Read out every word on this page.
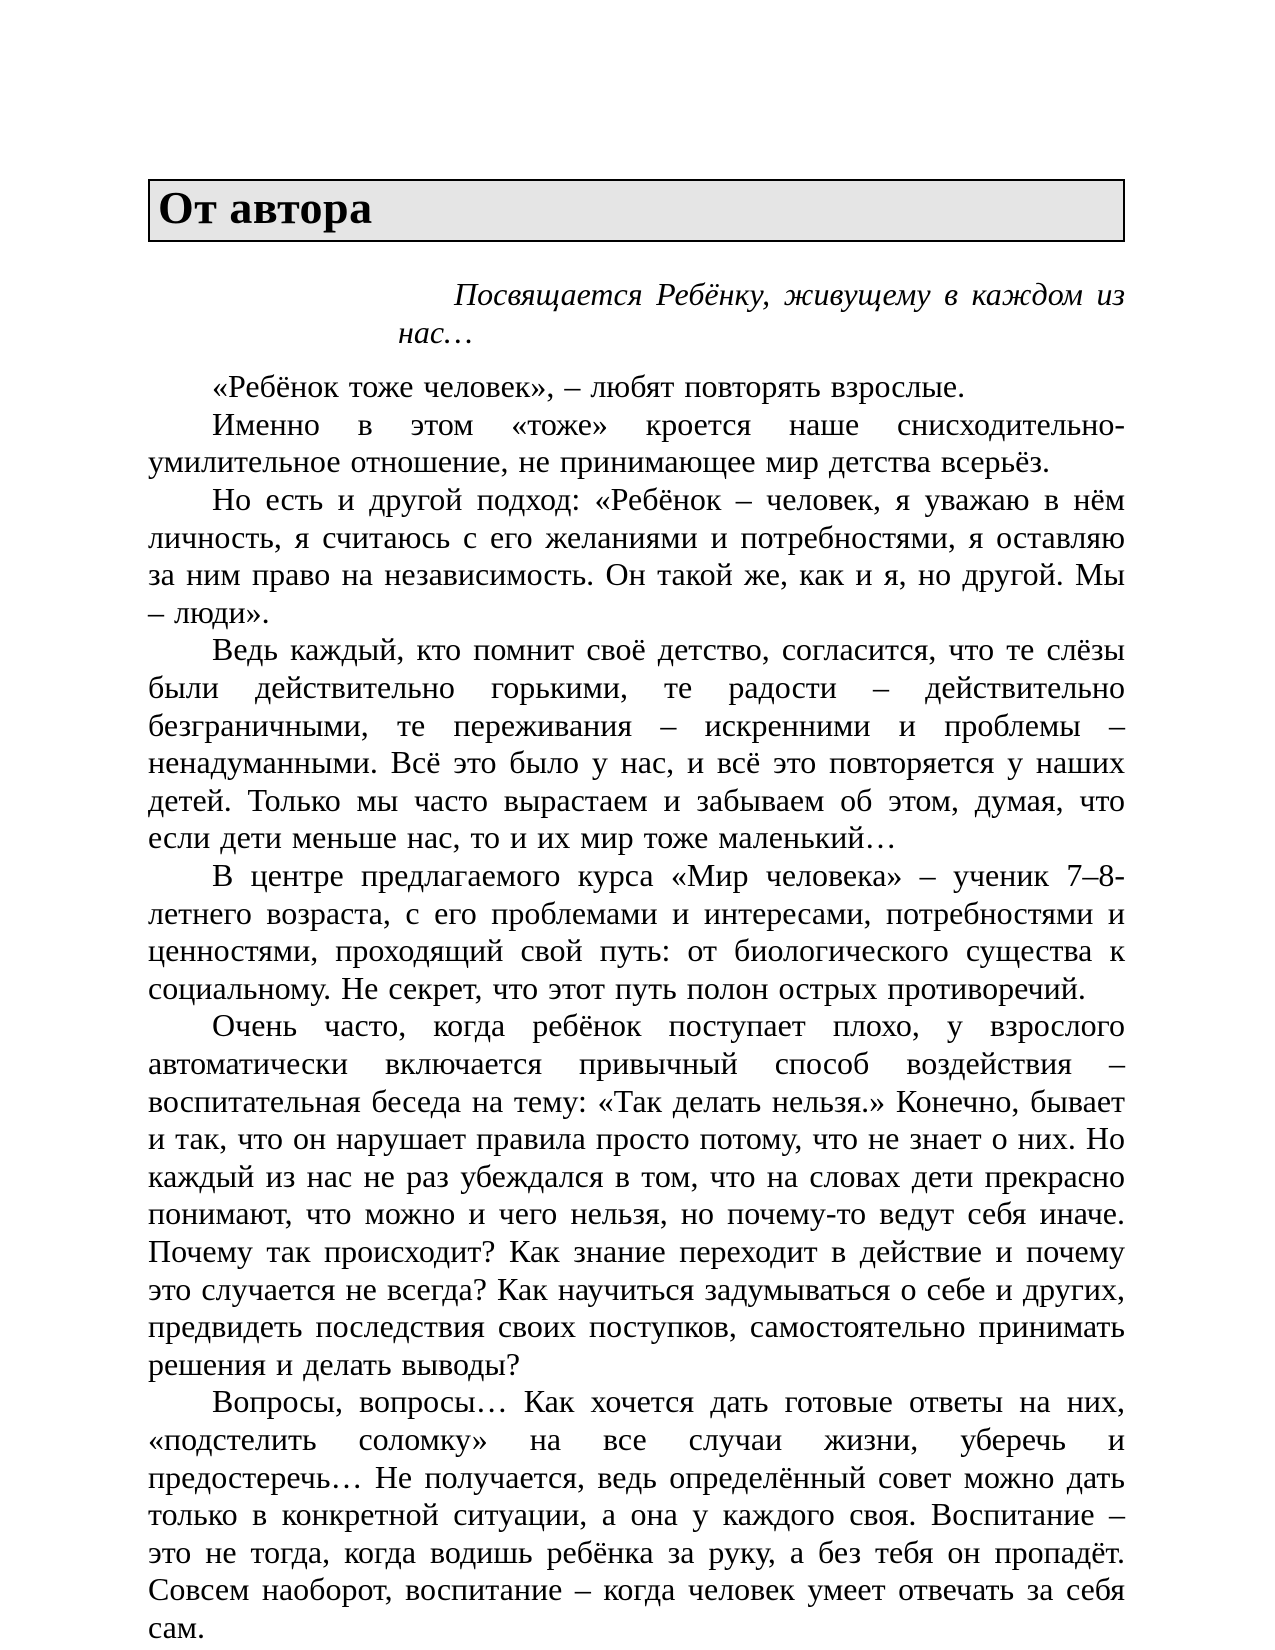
От автора
Посвящается Ребёнку, живущему в каждом из нас…

«Ребёнок тоже человек», – любят повторять взрослые.

Именно в этом «тоже» кроется наше снисходительно-умилительное отношение, не принимающее мир детства всерьёз.

Но есть и другой подход: «Ребёнок – человек, я уважаю в нём личность, я считаюсь с его желаниями и потребностями, я оставляю за ним право на независимость. Он такой же, как и я, но другой. Мы – люди».

Ведь каждый, кто помнит своё детство, согласится, что те слёзы были действительно горькими, те радости – действительно безграничными, те переживания – искренними и проблемы – ненадуманными. Всё это было у нас, и всё это повторяется у наших детей. Только мы часто вырастаем и забываем об этом, думая, что если дети меньше нас, то и их мир тоже маленький…

В центре предлагаемого курса «Мир человека» – ученик 7–8-летнего возраста, с его проблемами и интересами, потребностями и ценностями, проходящий свой путь: от биологического существа к социальному. Не секрет, что этот путь полон острых противоречий.

Очень часто, когда ребёнок поступает плохо, у взрослого автоматически включается привычный способ воздействия – воспитательная беседа на тему: «Так делать нельзя.» Конечно, бывает и так, что он нарушает правила просто потому, что не знает о них. Но каждый из нас не раз убеждался в том, что на словах дети прекрасно понимают, что можно и чего нельзя, но почему-то ведут себя иначе. Почему так происходит? Как знание переходит в действие и почему это случается не всегда? Как научиться задумываться о себе и других, предвидеть последствия своих поступков, самостоятельно принимать решения и делать выводы?

Вопросы, вопросы… Как хочется дать готовые ответы на них, «подстелить соломку» на все случаи жизни, уберечь и предостеречь… Не получается, ведь определённый совет можно дать только в конкретной ситуации, а она у каждого своя. Воспитание – это не тогда, когда водишь ребёнка за руку, а без тебя он пропадёт. Совсем наоборот, воспитание – когда человек умеет отвечать за себя сам.
